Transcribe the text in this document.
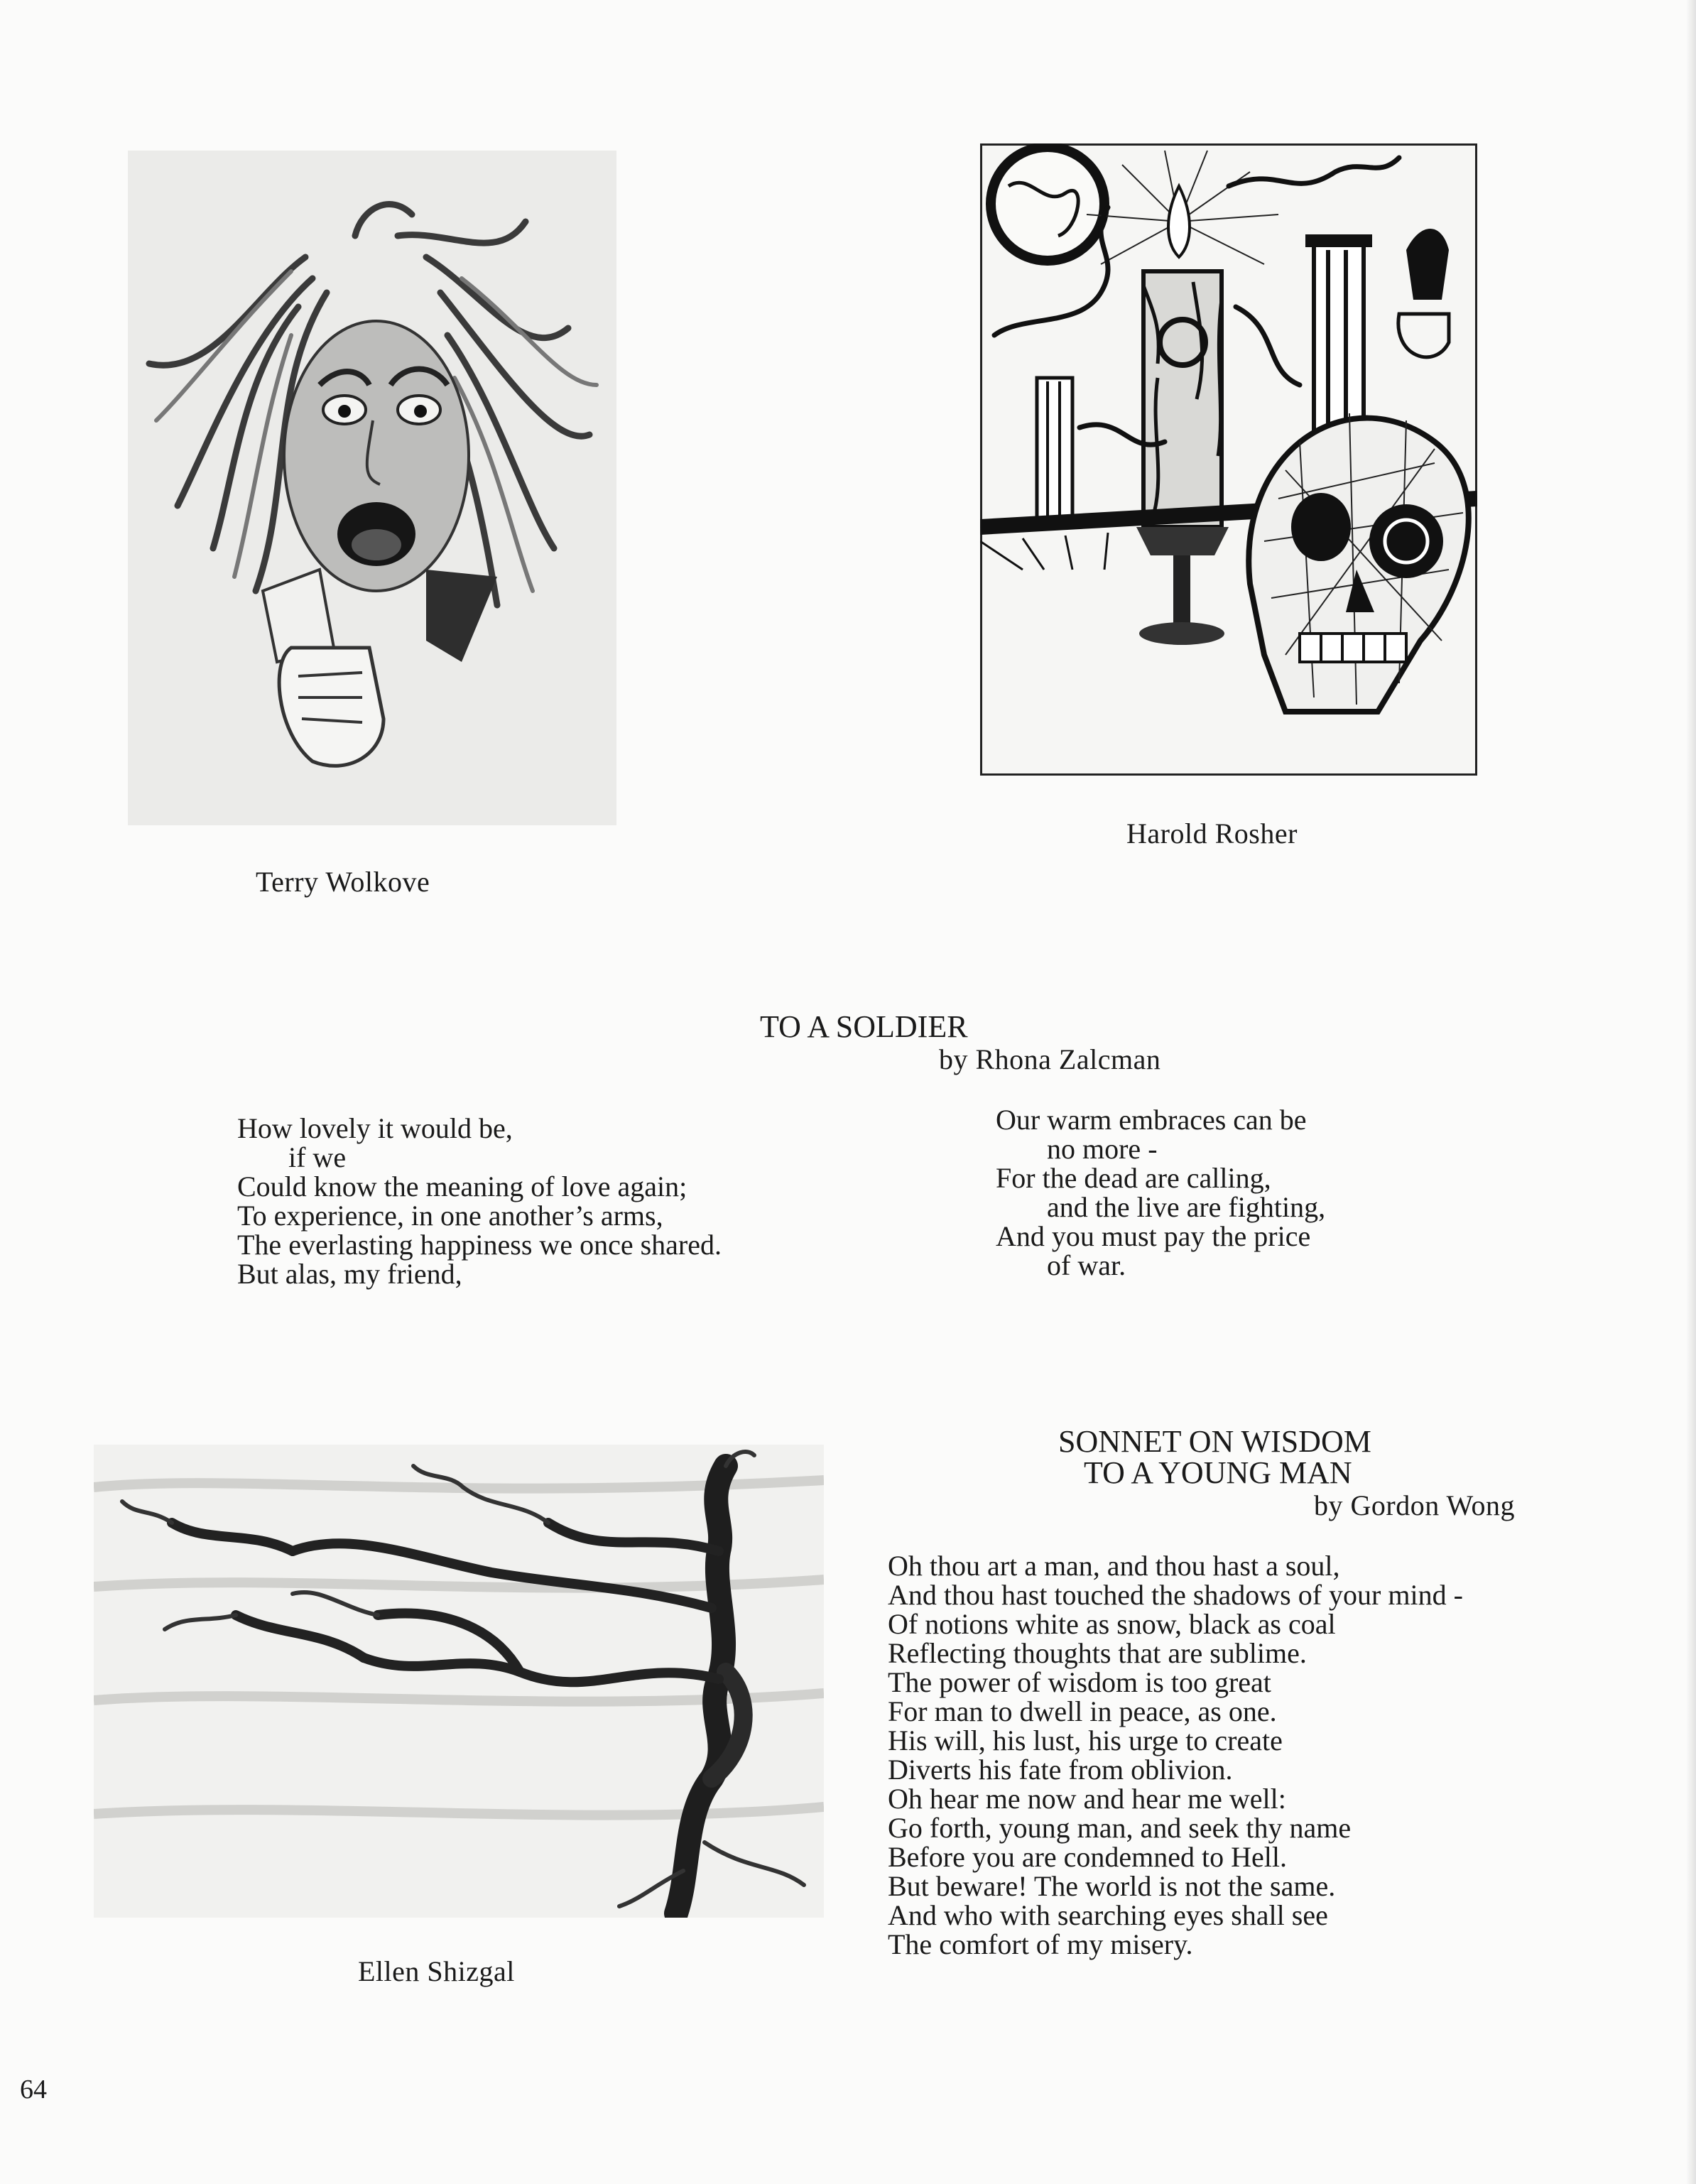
Terry Wolkove
Harold Rosher
TO A SOLDIER
by Rhona Zalcman
How lovely it would be,
if we
Could know the meaning of love again;
To experience, in one another’s arms,
The everlasting happiness we once shared.
But alas, my friend,
Our warm embraces can be
no more -
For the dead are calling,
and the live are fighting,
And you must pay the price
of war.
Ellen Shizgal
SONNET ON WISDOM
TO A YOUNG MAN
by Gordon Wong
Oh thou art a man, and thou hast a soul,
And thou hast touched the shadows of your mind -
Of notions white as snow, black as coal
Reflecting thoughts that are sublime.
The power of wisdom is too great
For man to dwell in peace, as one.
His will, his lust, his urge to create
Diverts his fate from oblivion.
Oh hear me now and hear me well:
Go forth, young man, and seek thy name
Before you are condemned to Hell.
But beware! The world is not the same.
And who with searching eyes shall see
The comfort of my misery.
64
